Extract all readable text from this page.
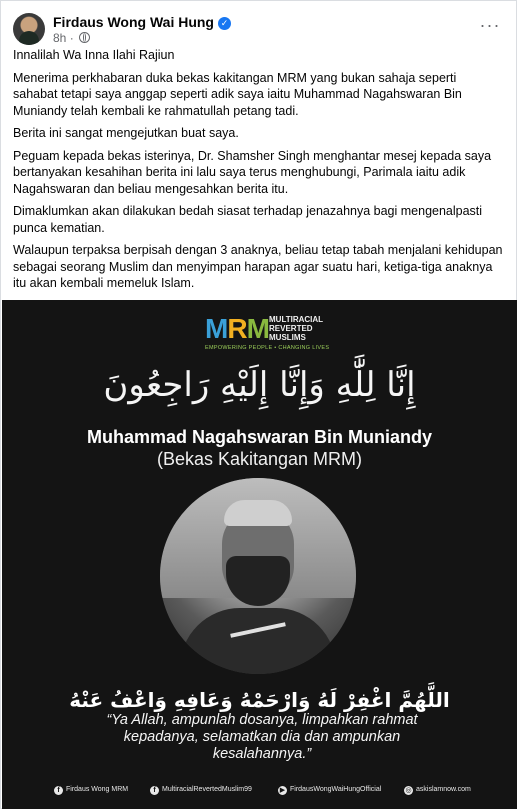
Firdaus Wong Wai Hung ✓
8h ·
···

Innalilah Wa Inna Ilahi Rajiun

Menerima perkhabaran duka bekas kakitangan MRM yang bukan sahaja seperti sahabat tetapi saya anggap seperti adik saya iaitu Muhammad Nagahswaran Bin Muniandy telah kembali ke rahmatullah petang tadi.

Berita ini sangat mengejutkan buat saya.

Peguam kepada bekas isterinya, Dr. Shamsher Singh menghantar mesej kepada saya bertanyakan kesahihan berita ini lalu saya terus menghubungi, Parimala iaitu adik Nagahswaran dan beliau mengesahkan berita itu.

Dimaklumkan akan dilakukan bedah siasat terhadap jenazahnya bagi mengenalpasti punca kematian.

Walaupun terpaksa berpisah dengan 3 anaknya, beliau tetap tabah menjalani kehidupan sebagai seorang Muslim dan menyimpan harapan agar suatu hari, ketiga-tiga anaknya itu akan kembali memeluk Islam.

MRM MULTIRACIAL
REVERTED
MUSLIMS
EMPOWERING PEOPLE • CHANGING LIVES
إِنَّا لِلَّٰهِ وَإِنَّا إِلَيْهِ رَاجِعُونَ
Muhammad Nagahswaran Bin Muniandy
(Bekas Kakitangan MRM)
اللَّهُمَّ اغْفِرْ لَهُ وَارْحَمْهُ وَعَافِهِ وَاعْفُ عَنْهُ
“Ya Allah, ampunlah dosanya, limpahkan rahmat kepadanya, selamatkan dia dan ampunkan kesalahannya.”
f Firdaus Wong MRM	f MultiracialRevertedMuslim99	▶ FirdausWongWaiHungOfficial	◎ askislamnow.com
